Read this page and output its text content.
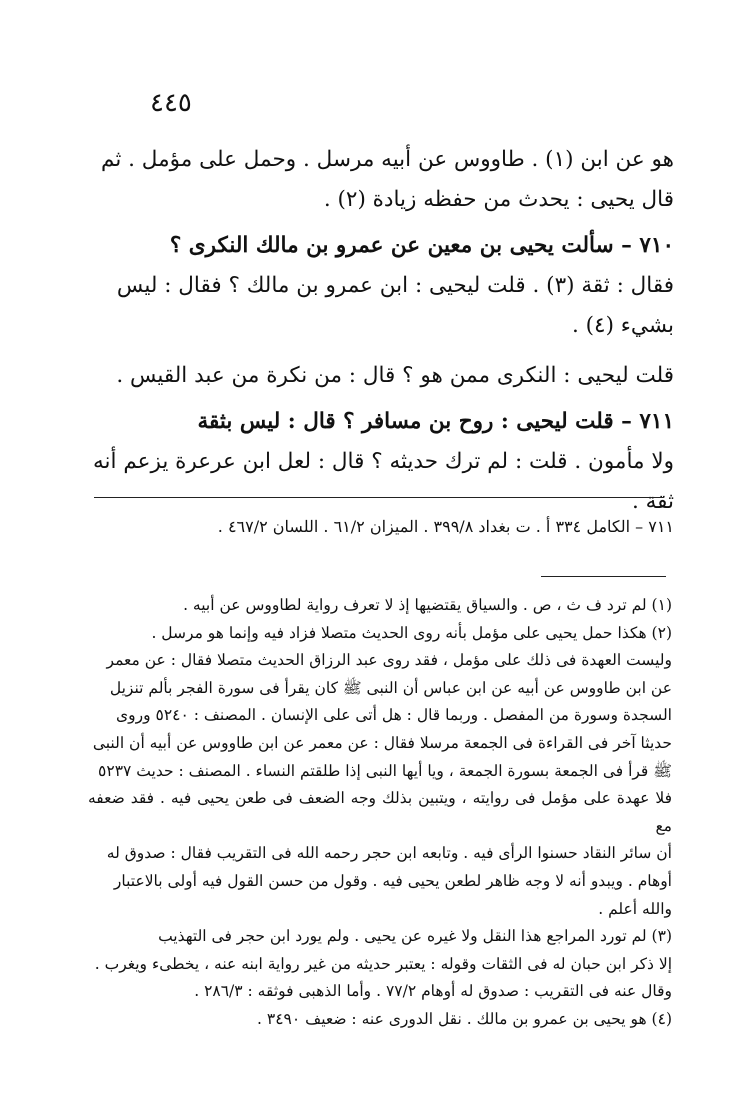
٤٤٥

هو عن ابن (١) . طاووس عن أبيه مرسل . وحمل على مؤمل . ثم

قال يحيى : يحدث من حفظه زيادة (٢) .

٧١٠ – سألت يحيى بن معين عن عمرو بن مالك النكرى ؟

فقال : ثقة (٣) . قلت ليحيى : ابن عمرو بن مالك ؟ فقال : ليس

بشيء (٤) .

قلت ليحيى : النكرى ممن هو ؟ قال : من نكرة من عبد القيس .

٧١١ – قلت ليحيى : روح بن مسافر ؟ قال : ليس بثقة

ولا مأمون . قلت : لم ترك حديثه ؟ قال : لعل ابن عرعرة يزعم أنه ثقة .

٧١١ – الكامل ٣٣٤ أ . ت بغداد ٣٩٩/٨ . الميزان ٦١/٢ . اللسان ٤٦٧/٢ .

(١) لم ترد ف ث ، ص . والسياق يقتضيها إذ لا تعرف رواية لطاووس عن أبيه .

(٢) هكذا حمل يحيى على مؤمل بأنه روى الحديث متصلا فزاد فيه وإنما هو مرسل .

وليست العهدة فى ذلك على مؤمل ، فقد روى عبد الرزاق الحديث متصلا فقال : عن معمر

عن ابن طاووس عن أبيه عن ابن عباس أن النبى ﷺ كان يقرأ فى سورة الفجر بألم تنزيل

السجدة وسورة من المفصل . وربما قال : هل أتى على الإنسان . المصنف : ٥٢٤٠ وروى

حديثا آخر فى القراءة فى الجمعة مرسلا فقال : عن معمر عن ابن طاووس عن أبيه أن النبى

ﷺ قرأ فى الجمعة بسورة الجمعة ، ويا أيها النبى إذا طلقتم النساء . المصنف : حديث ٥٢٣٧

فلا عهدة على مؤمل فى روايته ، ويتبين بذلك وجه الضعف فى طعن يحيى فيه . فقد ضعفه مع

أن سائر النقاد حسنوا الرأى فيه . وتابعه ابن حجر رحمه الله فى التقريب فقال : صدوق له

أوهام . ويبدو أنه لا وجه ظاهر لطعن يحيى فيه . وقول من حسن القول فيه أولى بالاعتبار

والله أعلم .

(٣) لم تورد المراجع هذا النقل ولا غيره عن يحيى . ولم يورد ابن حجر فى التهذيب

إلا ذكر ابن حبان له فى الثقات وقوله : يعتبر حديثه من غير رواية ابنه عنه ، يخطىء ويغرب .

وقال عنه فى التقريب : صدوق له أوهام ٧٧/٢ . وأما الذهبى فوثقه : ٢٨٦/٣ .

(٤) هو يحيى بن عمرو بن مالك . نقل الدورى عنه : ضعيف ٣٤٩٠ .
